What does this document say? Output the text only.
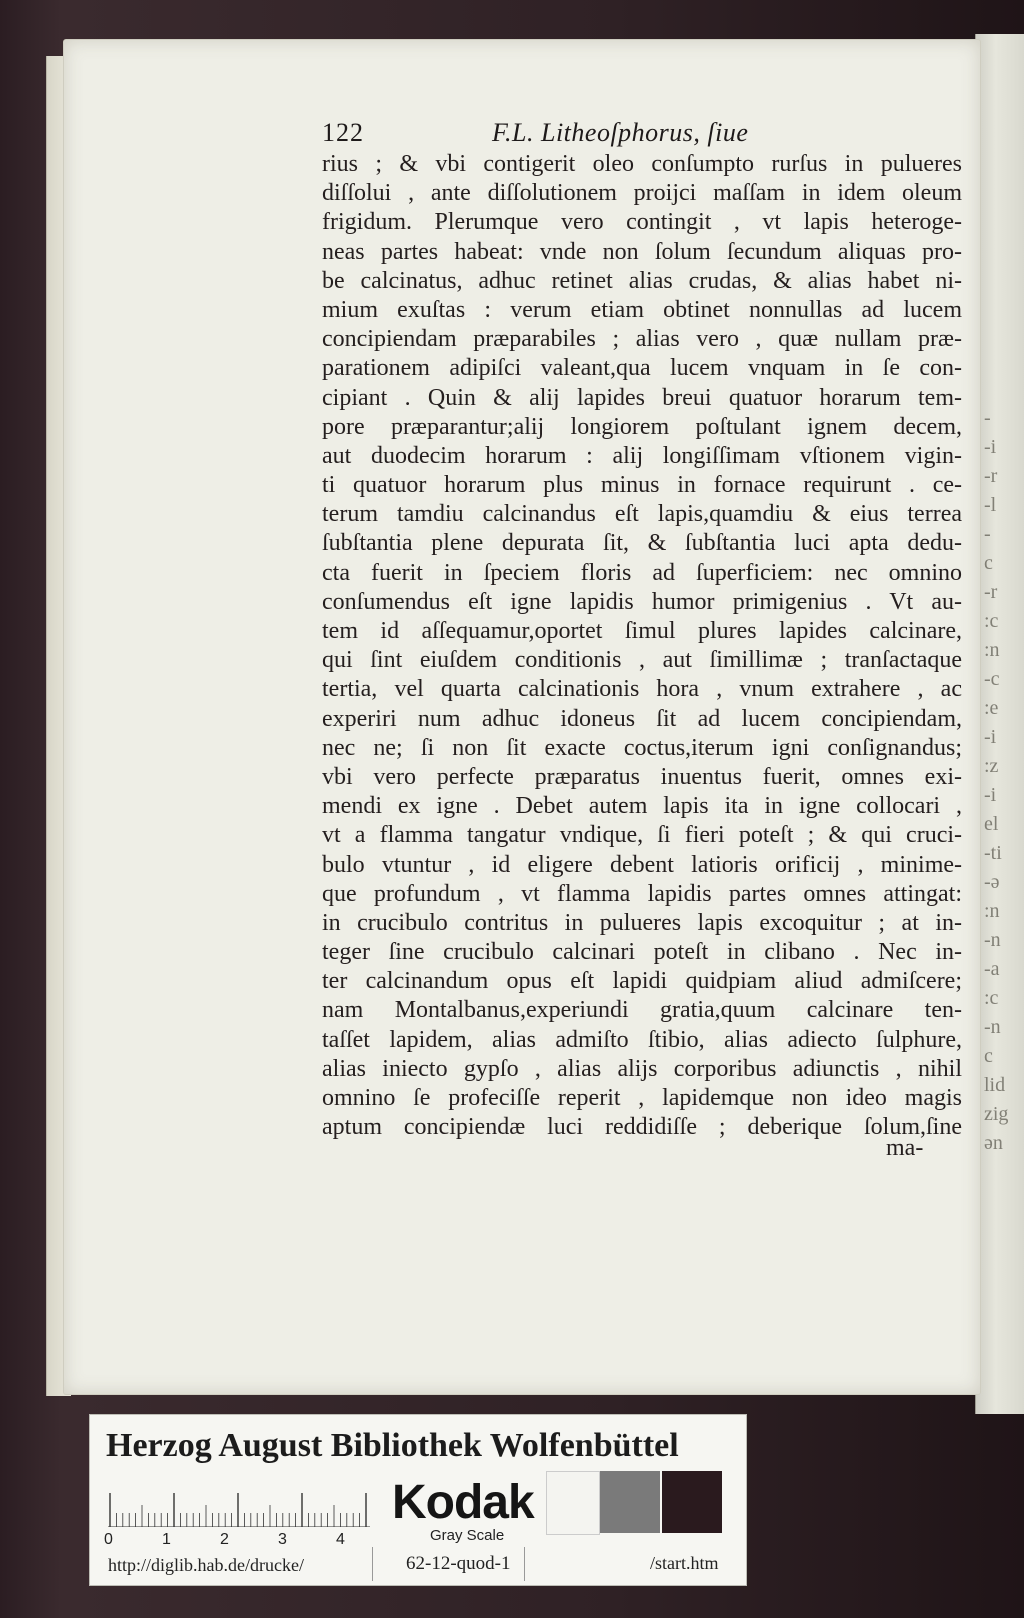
-
-i
-r
-l
-
c
-r
:c
:n
-c
:e
-i
:z
-i
el
-ti
-ə
:n
-n
-a
:c
-n
c
lid
zig
ən
122	F.L. Litheoſphorus, ſiue
rius ; & vbi contigerit oleo conſumpto rurſus in pulueres
diſſolui , ante diſſolutionem proijci maſſam in idem oleum
frigidum. Plerumque vero contingit , vt lapis heteroge-
neas partes habeat: vnde non ſolum ſecundum aliquas pro-
be calcinatus, adhuc retinet alias crudas, & alias habet ni-
mium exuſtas : verum etiam obtinet nonnullas ad lucem
concipiendam præparabiles ; alias vero , quæ nullam præ-
parationem adipiſci valeant,qua lucem vnquam in ſe con-
cipiant . Quin & alij lapides breui quatuor horarum tem-
pore præparantur;alij longiorem poſtulant ignem decem,
aut duodecim horarum : alij longiſſimam vſtionem vigin-
ti quatuor horarum plus minus in fornace requirunt . ce-
terum tamdiu calcinandus eſt lapis,quamdiu & eius terrea
ſubſtantia plene depurata ſit, & ſubſtantia luci apta dedu-
cta fuerit in ſpeciem floris ad ſuperficiem: nec omnino
conſumendus eſt igne lapidis humor primigenius . Vt au-
tem id aſſequamur,oportet ſimul plures lapides calcinare,
qui ſint eiuſdem conditionis , aut ſimillimæ ; tranſactaque
tertia, vel quarta calcinationis hora , vnum extrahere , ac
experiri num adhuc idoneus ſit ad lucem concipiendam,
nec ne; ſi non ſit exacte coctus,iterum igni conſignandus;
vbi vero perfecte præparatus inuentus fuerit, omnes exi-
mendi ex igne . Debet autem lapis ita in igne collocari ,
vt a flamma tangatur vndique, ſi fieri poteſt ; & qui cruci-
bulo vtuntur , id eligere debent latioris orificij , minime-
que profundum , vt flamma lapidis partes omnes attingat:
in crucibulo contritus in pulueres lapis excoquitur ; at in-
teger ſine crucibulo calcinari poteſt in clibano . Nec in-
ter calcinandum opus eſt lapidi quidpiam aliud admiſcere;
nam Montalbanus,experiundi gratia,quum calcinare ten-
taſſet lapidem, alias admiſto ſtibio, alias adiecto ſulphure,
alias iniecto gypſo , alias alijs corporibus adiunctis , nihil
omnino ſe profeciſſe reperit , lapidemque non ideo magis
aptum concipiendæ luci reddidiſſe ; deberique ſolum,ſine
ma-
Herzog August Bibliothek Wolfenbüttel
0	1	2	3	4
Kodak
Gray Scale
http://diglib.hab.de/drucke/	62-12-quod-1	/start.htm
